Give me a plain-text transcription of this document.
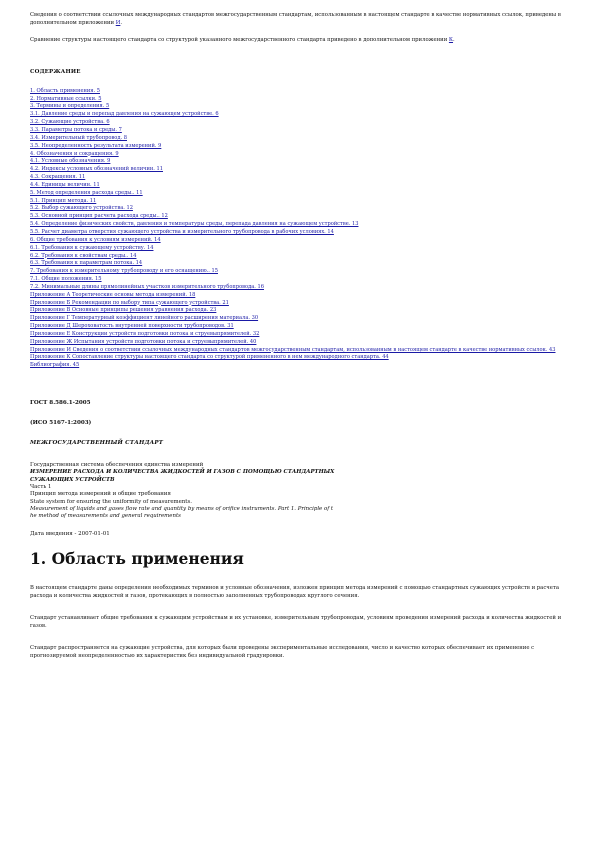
Сведения о соответствии ссылочных международных стандартов межгосударственным стандартам, использованным в настоящем стандарте в качестве нормативных ссылок, приведены в дополнительном приложении И.

Сравнение структуры настоящего стандарта со структурой указанного межгосударственного стандарта приведено в дополнительном приложении К.

СОДЕРЖАНИЕ

1. Область применения. 5
2. Нормативные ссылки. 5
3. Термины и определения. 5
3.1. Давление среды и перепад давления на сужающем устройстве. 6
3.2. Сужающие устройства. 6
3.3. Параметры потока и среды. 7
3.4. Измерительный трубопровод. 8
3.5. Неопределенность результата измерений. 9
4. Обозначения и сокращения. 9
4.1. Условные обозначения. 9
4.2. Индексы условных обозначений величин. 11
4.3. Сокращения. 11
4.4. Единицы величин. 11
5. Метод определения расхода среды.. 11
5.1. Принцип метода. 11
5.2. Выбор сужающего устройства. 12
5.3. Основной принцип расчета расхода среды.. 12
5.4. Определение физических свойств, давления и температуры среды, перепада давления на сужающем устройстве. 13
5.5. Расчет диаметра отверстия сужающего устройства и измерительного трубопровода в рабочих условиях. 14
6. Общие требования к условиям измерений. 14
6.1. Требования к сужающему устройству. 14
6.2. Требования к свойствам среды.. 14
6.3. Требования к параметрам потока. 14
7. Требования к измерительному трубопроводу и его оснащению.. 15
7.1. Общие положения. 15
7.2. Минимальные длины прямолинейных участков измерительного трубопровода. 16
Приложение А Теоретические основы метода измерений. 18
Приложение Б Рекомендации по выбору типа сужающего устройства. 21
Приложение В Основные принципы решения уравнения расхода. 23
Приложение Г Температурный коэффициент линейного расширения материала. 30
Приложение Д Шероховатость внутренней поверхности трубопроводов. 31
Приложение Е Конструкции устройств подготовки потока и струевыпрямителей. 32
Приложение Ж Испытания устройств подготовки потока и струевыпрямителей. 40
Приложение И Сведения о соответствии ссылочных международных стандартов межгосударственным стандартам, использованным в настоящем стандарте в качестве нормативных ссылок. 43
Приложение К Сопоставление структуры настоящего стандарта со структурой примененного в нем международного стандарта. 44
Библиография. 45

ГОСТ 8.586.1-2005

(ИСО 5167-1:2003)

МЕЖГОСУДАРСТВЕННЫЙ СТАНДАРТ

Государственная система обеспечения единства измерений

ИЗМЕРЕНИЕ РАСХОДА И КОЛИЧЕСТВА ЖИДКОСТЕЙ И ГАЗОВ С ПОМОЩЬЮ СТАНДАРТНЫХ

СУЖАЮЩИХ УСТРОЙСТВ

Часть 1

Принцип метода измерений и общие требования

State system for ensuring the uniformity of measurements.

Measurement of liquids and gases flow rate and quantity by means of orifice instruments. Part 1. Principle of t

he method of measurements and general requirements

Дата введения - 2007-01-01

1. Область применения

В настоящем стандарте даны определения необходимых терминов и условные обозначения, изложен принцип метода измерений с помощью стандартных сужающих устройств и расчета расхода и количества жидкостей и газов, протекающих в полностью заполненных трубопроводах круглого сечения.

Стандарт устанавливает общие требования к сужающим устройствам и их установке, измерительным трубопроводам, условиям проведения измерений расхода и количества жидкостей и газов.

Стандарт распространяется на сужающие устройства, для которых были проведены экспериментальные исследования, число и качество которых обеспечивает их применение с прогнозируемой неопределенностью их характеристик без индивидуальной градуировки.
